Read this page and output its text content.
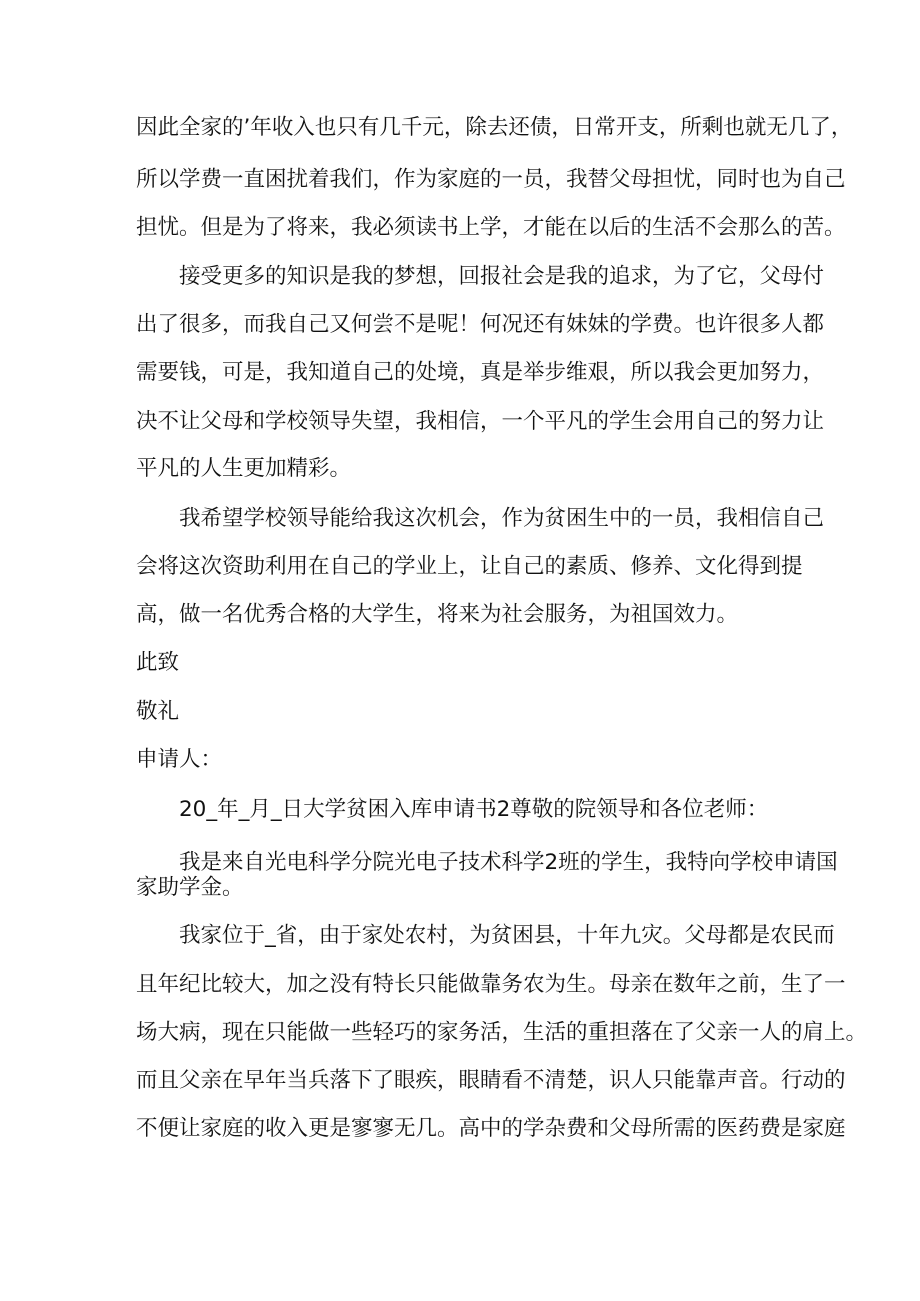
因此全家的’年收入也只有几千元，除去还债，日常开支，所剩也就无几了，
所以学费一直困扰着我们，作为家庭的一员，我替父母担忧，同时也为自己
担忧。但是为了将来，我必须读书上学，才能在以后的生活不会那么的苦。
接受更多的知识是我的梦想，回报社会是我的追求，为了它，父母付
出了很多，而我自己又何尝不是呢！何况还有妹妹的学费。也许很多人都
需要钱，可是，我知道自己的处境，真是举步维艰，所以我会更加努力，
决不让父母和学校领导失望，我相信，一个平凡的学生会用自己的努力让
平凡的人生更加精彩。
我希望学校领导能给我这次机会，作为贫困生中的一员，我相信自己
会将这次资助利用在自己的学业上，让自己的素质、修养、文化得到提
高，做一名优秀合格的大学生，将来为社会服务，为祖国效力。
此致
敬礼
申请人：
20_年_月_日大学贫困入库申请书2尊敬的院领导和各位老师：
我是来自光电科学分院光电子技术科学2班的学生，我特向学校申请国
家助学金。
我家位于_省，由于家处农村，为贫困县，十年九灾。父母都是农民而
且年纪比较大，加之没有特长只能做靠务农为生。母亲在数年之前，生了一
场大病，现在只能做一些轻巧的家务活，生活的重担落在了父亲一人的肩上。
而且父亲在早年当兵落下了眼疾，眼睛看不清楚，识人只能靠声音。行动的
不便让家庭的收入更是寥寥无几。高中的学杂费和父母所需的医药费是家庭
